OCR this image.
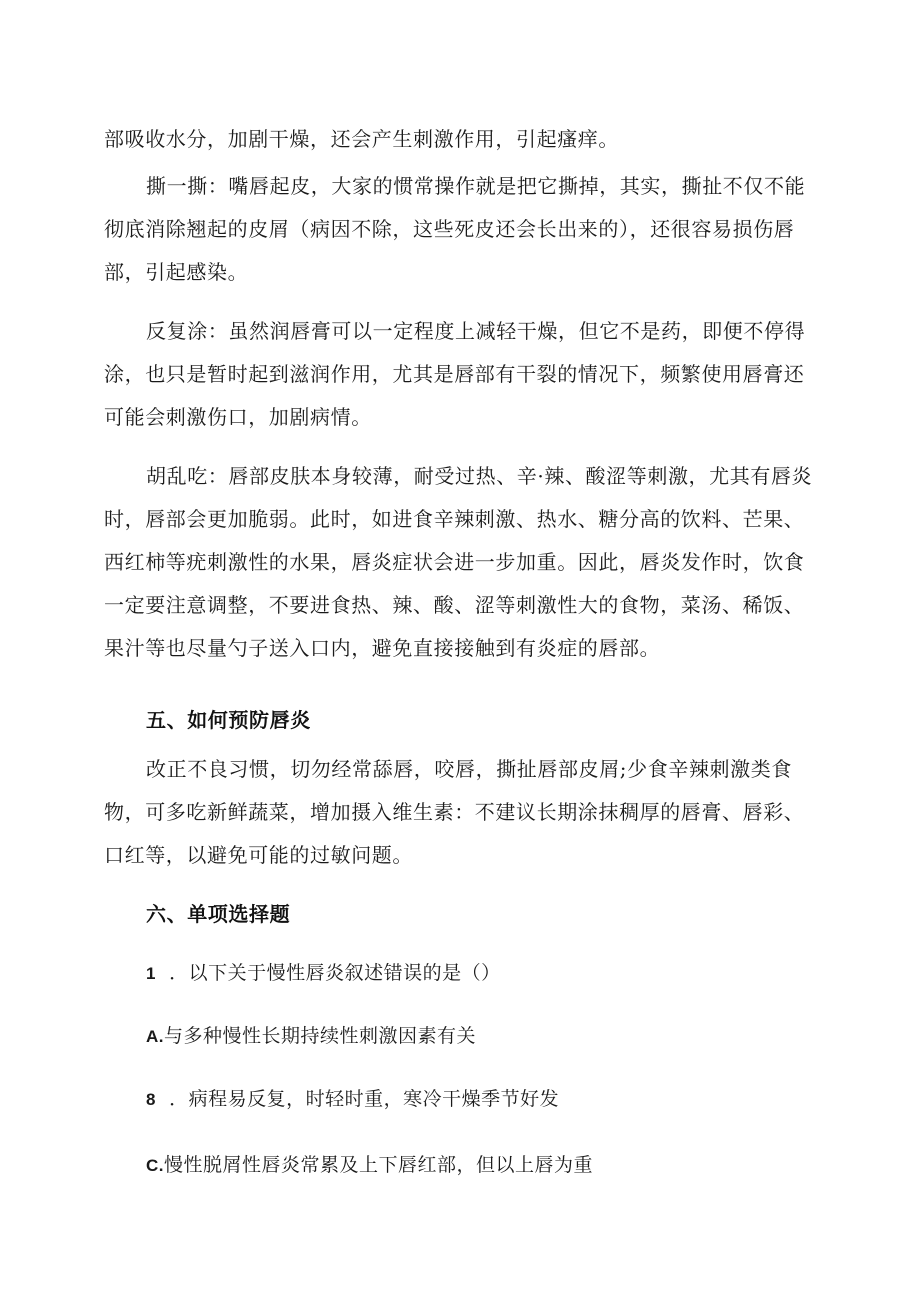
部吸收水分，加剧干燥，还会产生刺激作用，引起瘙痒。

撕一撕：嘴唇起皮，大家的惯常操作就是把它撕掉，其实，撕扯不仅不能彻底消除翘起的皮屑（病因不除，这些死皮还会长出来的），还很容易损伤唇部，引起感染。

反复涂：虽然润唇膏可以一定程度上减轻干燥，但它不是药，即便不停得涂，也只是暂时起到滋润作用，尤其是唇部有干裂的情况下，频繁使用唇膏还可能会刺激伤口，加剧病情。

胡乱吃：唇部皮肤本身较薄，耐受过热、辛·辣、酸涩等刺激，尤其有唇炎时，唇部会更加脆弱。此时，如进食辛辣刺激、热水、糖分高的饮料、芒果、西红柿等疣刺激性的水果，唇炎症状会进一步加重。因此，唇炎发作时，饮食一定要注意调整，不要进食热、辣、酸、涩等刺激性大的食物，菜汤、稀饭、果汁等也尽量勺子送入口内，避免直接接触到有炎症的唇部。

五、如何预防唇炎

改正不良习惯，切勿经常舔唇，咬唇，撕扯唇部皮屑;少食辛辣刺激类食物，可多吃新鲜蔬菜，增加摄入维生素：不建议长期涂抹稠厚的唇膏、唇彩、口红等，以避免可能的过敏问题。

六、单项选择题

1 ．以下关于慢性唇炎叙述错误的是（）

A.与多种慢性长期持续性刺激因素有关

8 ．病程易反复，时轻时重，寒冷干燥季节好发

C.慢性脱屑性唇炎常累及上下唇红部，但以上唇为重
